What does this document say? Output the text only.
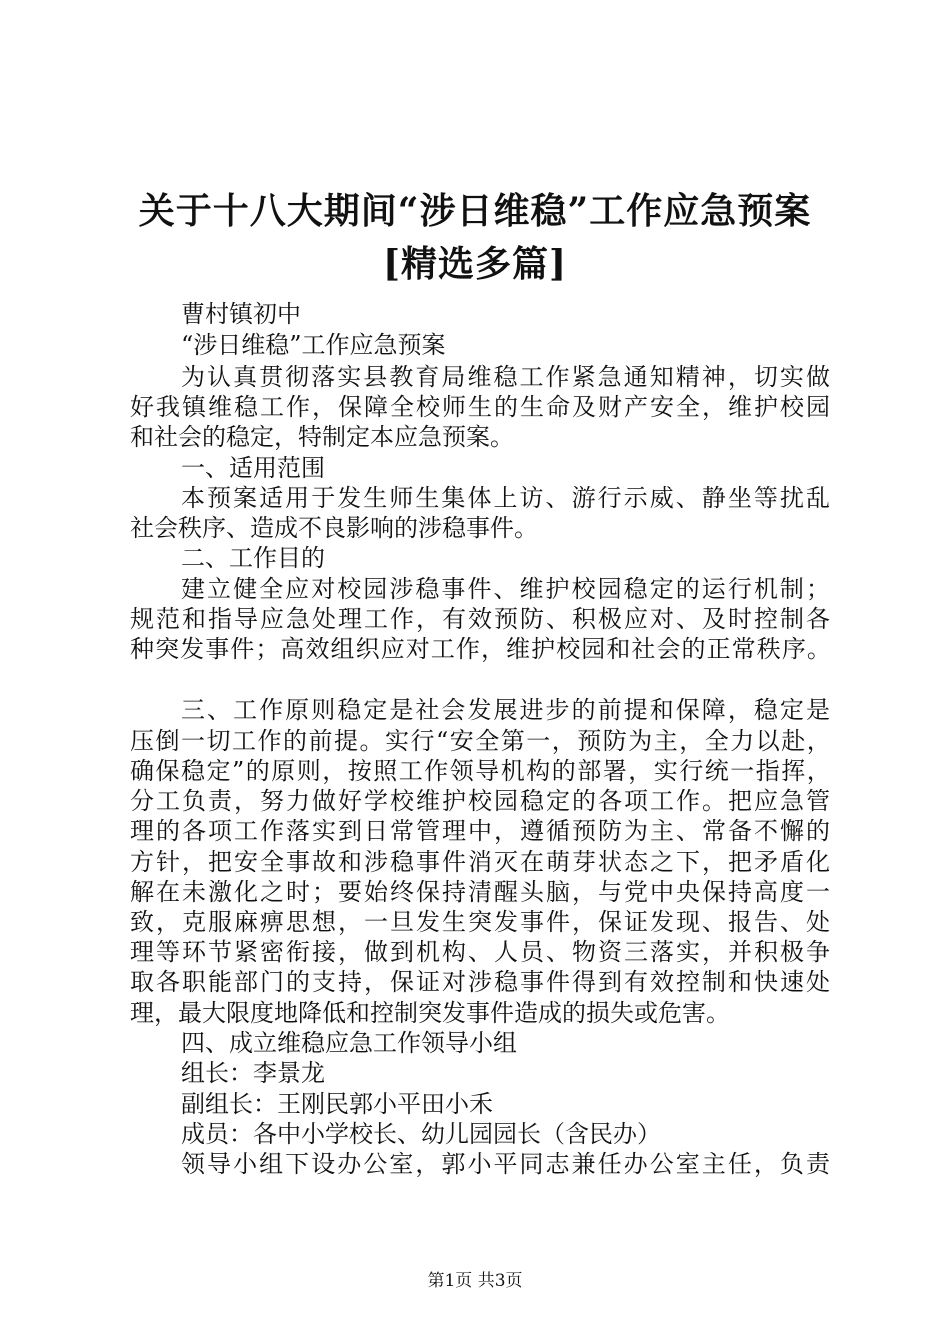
关于十八大期间“涉日维稳”工作应急预案
[精选多篇]
曹村镇初中
“涉日维稳”工作应急预案
为认真贯彻落实县教育局维稳工作紧急通知精神，切实做
好我镇维稳工作，保障全校师生的生命及财产安全，维护校园
和社会的稳定，特制定本应急预案。
一、适用范围
本预案适用于发生师生集体上访、游行示威、静坐等扰乱
社会秩序、造成不良影响的涉稳事件。
二、工作目的
建立健全应对校园涉稳事件、维护校园稳定的运行机制；
规范和指导应急处理工作，有效预防、积极应对、及时控制各
种突发事件；高效组织应对工作，维护校园和社会的正常秩序。
三、工作原则稳定是社会发展进步的前提和保障，稳定是
压倒一切工作的前提。实行“安全第一，预防为主，全力以赴，
确保稳定”的原则，按照工作领导机构的部署，实行统一指挥，
分工负责，努力做好学校维护校园稳定的各项工作。把应急管
理的各项工作落实到日常管理中，遵循预防为主、常备不懈的
方针，把安全事故和涉稳事件消灭在萌芽状态之下，把矛盾化
解在未激化之时；要始终保持清醒头脑，与党中央保持高度一
致，克服麻痹思想，一旦发生突发事件，保证发现、报告、处
理等环节紧密衔接，做到机构、人员、物资三落实，并积极争
取各职能部门的支持，保证对涉稳事件得到有效控制和快速处
理，最大限度地降低和控制突发事件造成的损失或危害。
四、成立维稳应急工作领导小组
组长：李景龙
副组长：王刚民郭小平田小禾
成员：各中小学校长、幼儿园园长（含民办）
领导小组下设办公室，郭小平同志兼任办公室主任，负责
第1页 共3页
